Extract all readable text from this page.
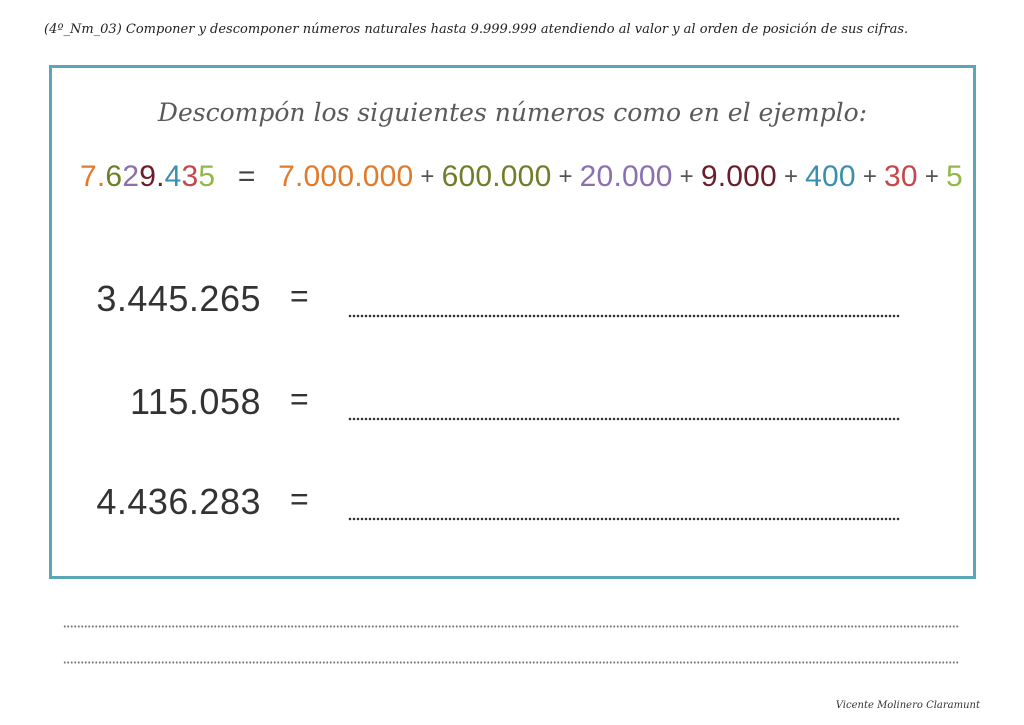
(4º_Nm_03) Componer y descomponer números naturales hasta 9.999.999 atendiendo al valor y al orden de posición de sus cifras.
Descompón los siguientes números como en el ejemplo:
7.629.435 = 7.000.000 + 600.000 + 20.000 + 9.000 + 400 + 30 + 5
3.445.265 =
115.058 =
4.436.283 =
Vicente Molinero Claramunt
